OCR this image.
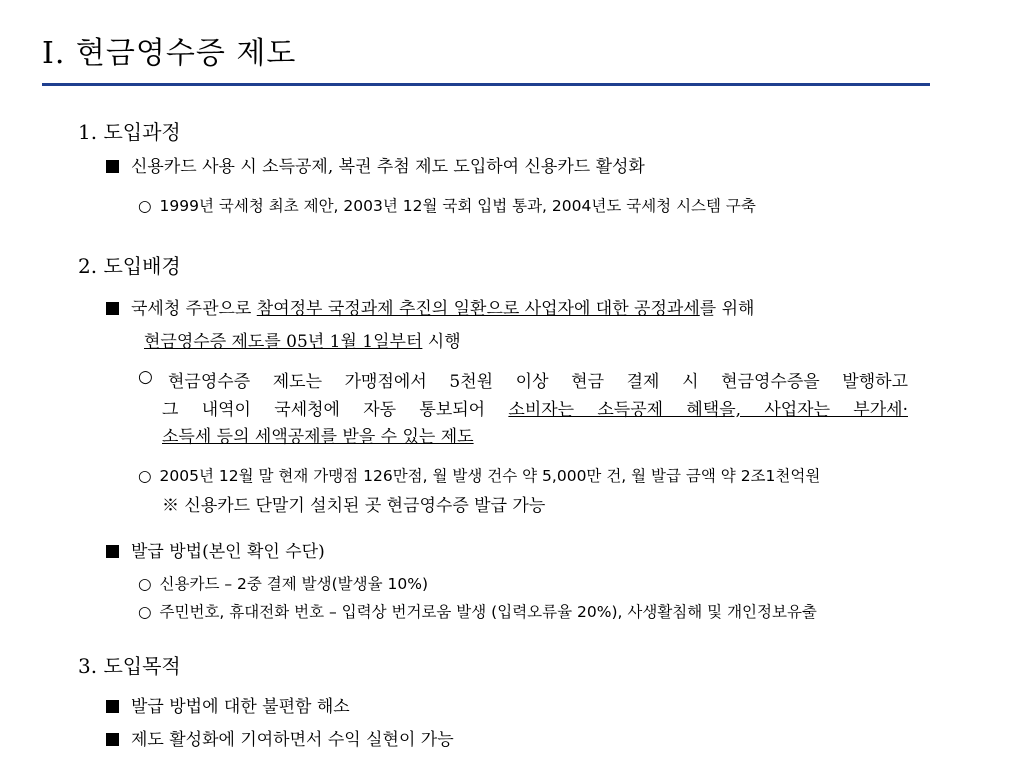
Ⅰ. 현금영수증 제도
1. 도입과정
신용카드 사용 시 소득공제, 복권 추첨 제도 도입하여 신용카드 활성화
○ 1999년 국세청 최초 제안, 2003년 12월 국회 입법 통과, 2004년도 국세청 시스템 구축
2. 도입배경
국세청 주관으로 참여정부 국정과제 추진의 일환으로 사업자에 대한 공정과세를 위해
현금영수증 제도를 05년 1월 1일부터 시행
○ 현금영수증 제도는 가맹점에서 5천원 이상 현금 결제 시 현금영수증을 발행하고
그 내역이 국세청에 자동 통보되어 소비자는 소득공제 혜택을, 사업자는 부가세·
소득세 등의 세액공제를 받을 수 있는 제도
○ 2005년 12월 말 현재 가맹점 126만점, 월 발생 건수 약 5,000만 건, 월 발급 금액 약 2조1천억원
※ 신용카드 단말기 설치된 곳 현금영수증 발급 가능
발급 방법(본인 확인 수단)
○ 신용카드 – 2중 결제 발생(발생율 10%)
○ 주민번호, 휴대전화 번호 – 입력상 번거로움 발생 (입력오류율 20%), 사생활침해 및 개인정보유출
3. 도입목적
발급 방법에 대한 불편함 해소
제도 활성화에 기여하면서 수익 실현이 가능
